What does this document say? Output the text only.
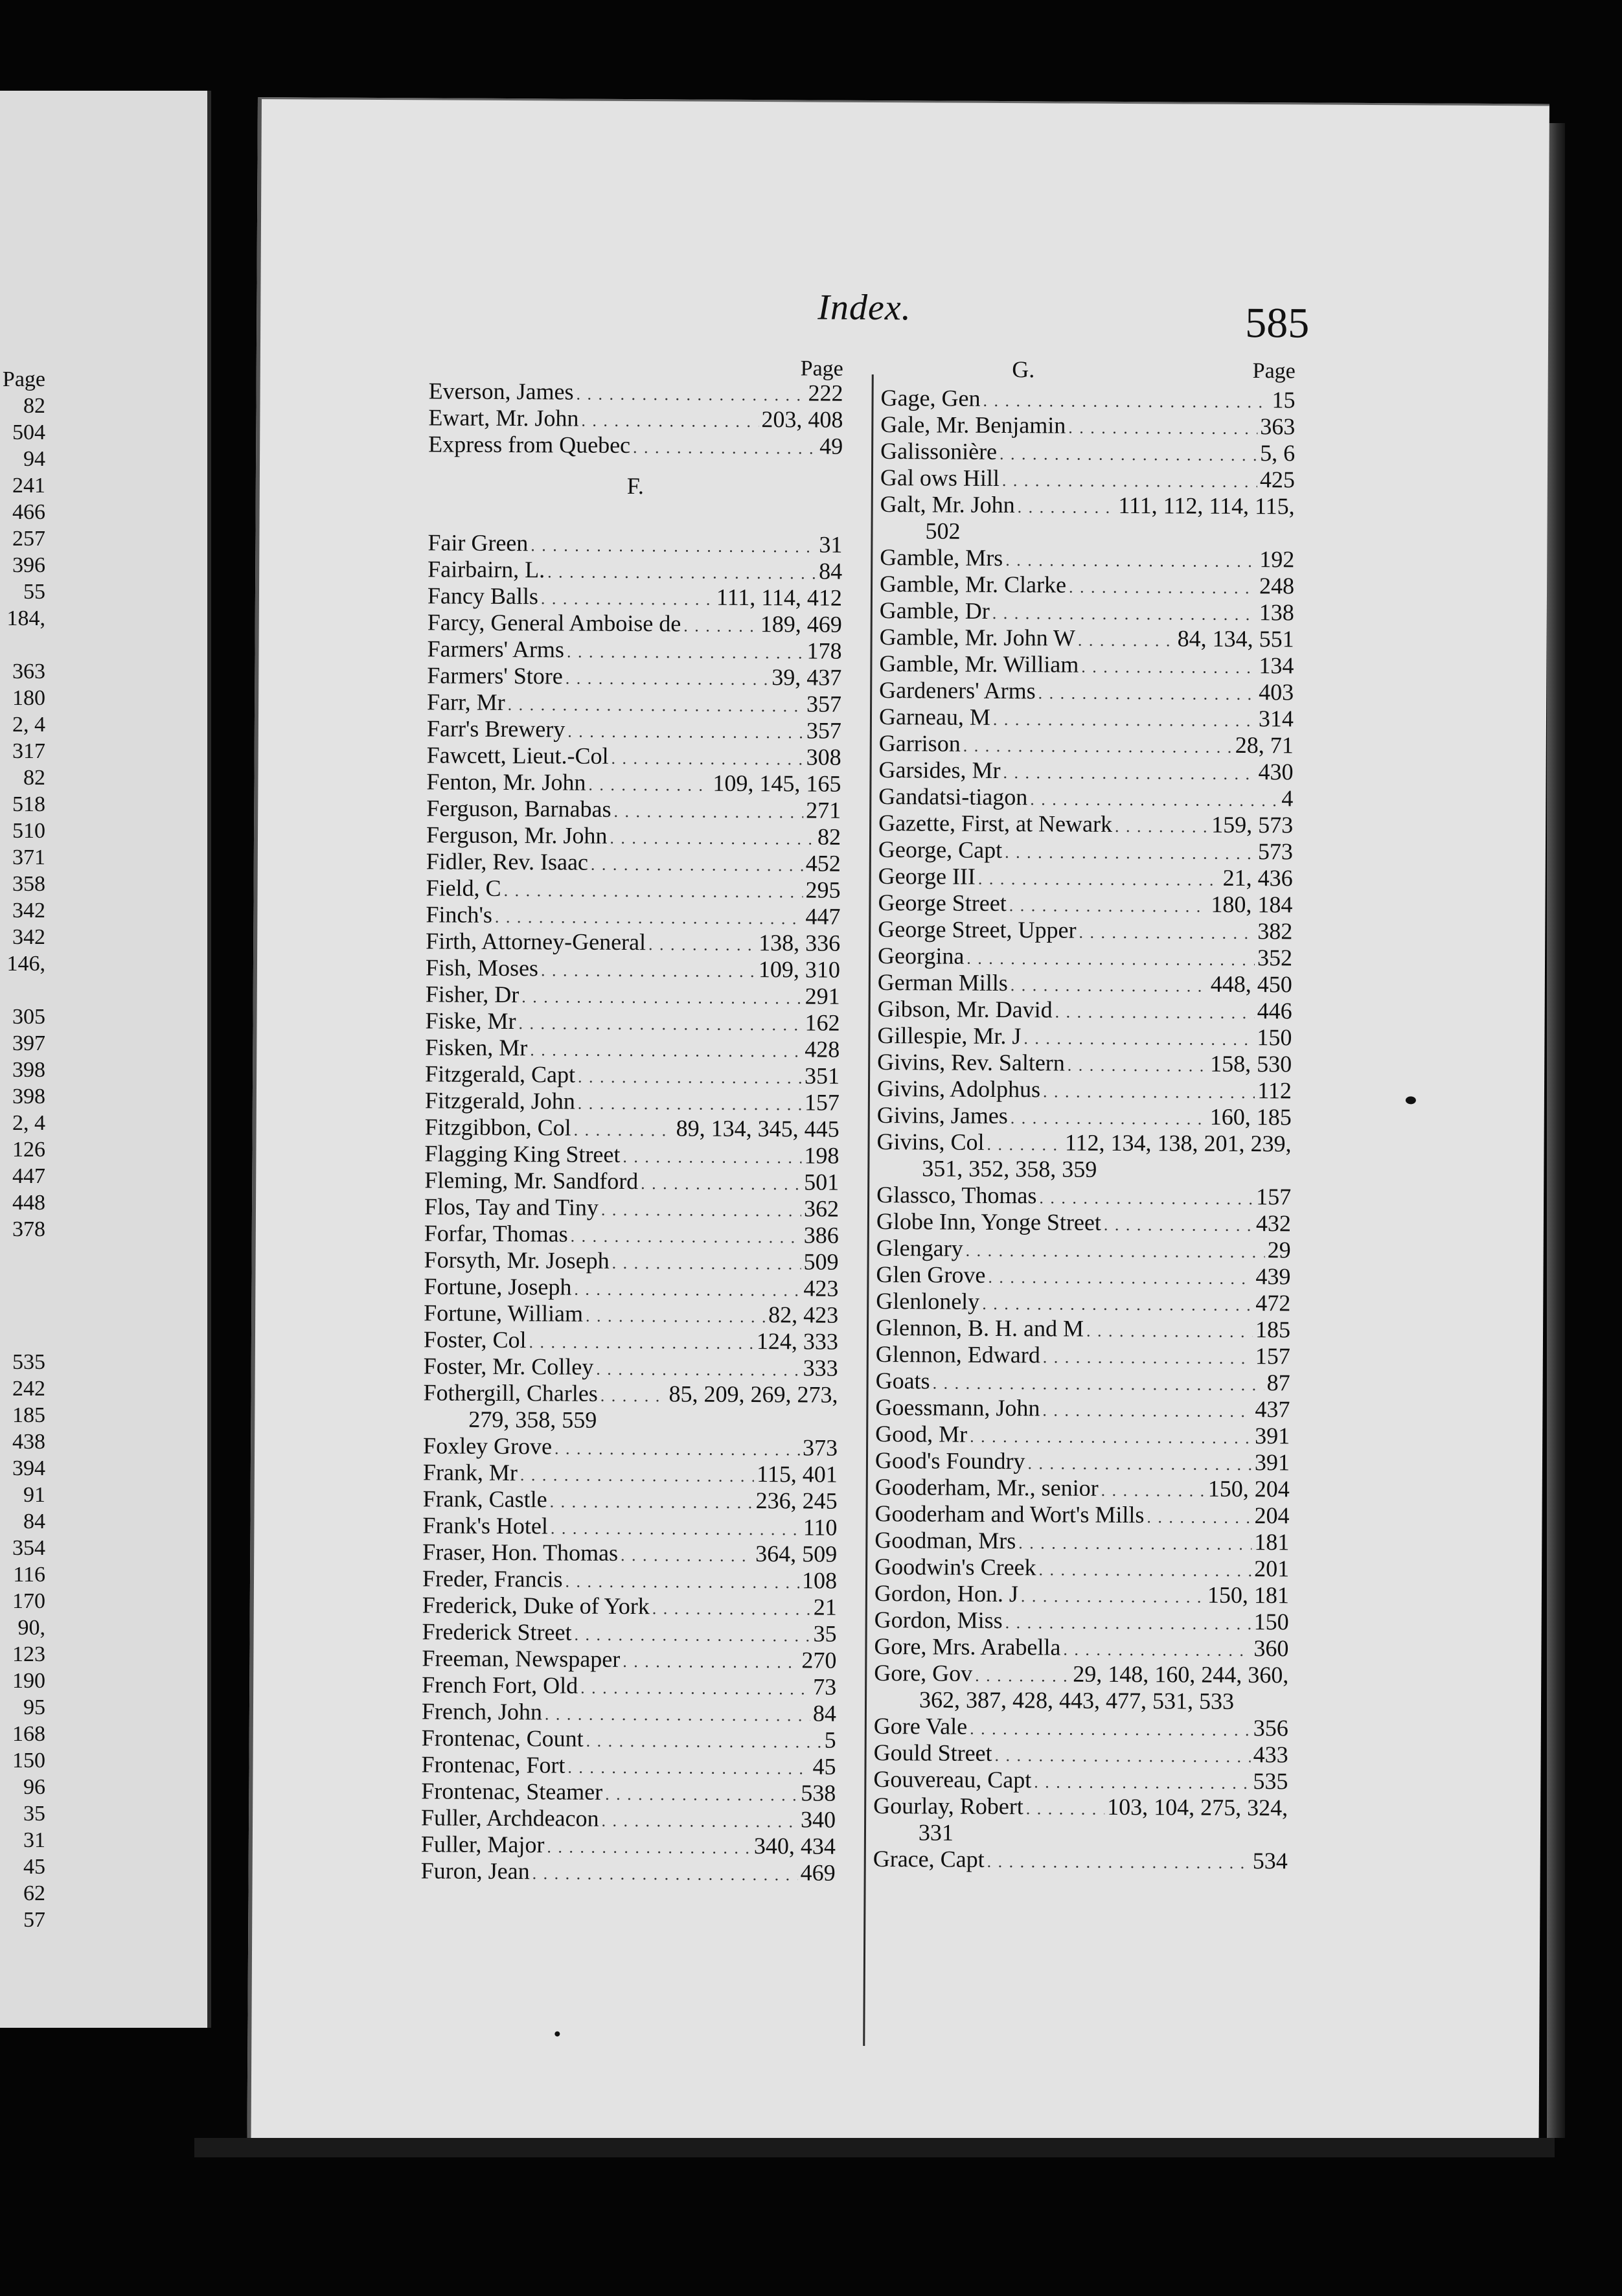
Page
82
504
94
241
466
257
396
55
184,
363
180
2, 4
317
82
518
510
371
358
342
342
146,
305
397
398
398
2, 4
126
447
448
378
535
242
185
438
394
91
84
354
116
170
90,
123
190
95
168
150
96
35
31
45
62
57
Index.	585
Page
Everson, James . . .	222
Ewart, Mr. John . . .	203, 408
Express from Quebec . . .	49
F.
Fair Green . . .	31
Fairbairn, L. . . .	84
Fancy Balls . . .	111, 114, 412
Farcy, General Amboise de . . .	189, 469
Farmers' Arms . . .	178
Farmers' Store . . .	39, 437
Farr, Mr . . .	357
Farr's Brewery . . .	357
Fawcett, Lieut.-Col . . .	308
Fenton, Mr. John . . .	109, 145, 165
Ferguson, Barnabas . . .	271
Ferguson, Mr. John . . .	82
Fidler, Rev. Isaac . . .	452
Field, C . . .	295
Finch's . . .	447
Firth, Attorney-General . . .	138, 336
Fish, Moses . . .	109, 310
Fisher, Dr . . .	291
Fiske, Mr . . .	162
Fisken, Mr . . .	428
Fitzgerald, Capt . . .	351
Fitzgerald, John . . .	157
Fitzgibbon, Col . . .	89, 134, 345, 445
Flagging King Street . . .	198
Fleming, Mr. Sandford . . .	501
Flos, Tay and Tiny . . .	362
Forfar, Thomas . . .	386
Forsyth, Mr. Joseph . . .	509
Fortune, Joseph . . .	423
Fortune, William . . .	82, 423
Foster, Col . . .	124, 333
Foster, Mr. Colley . . .	333
Fothergill, Charles . . .	85, 209, 269, 273,
279, 358, 559
Foxley Grove . . .	373
Frank, Mr . . .	115, 401
Frank, Castle . . .	236, 245
Frank's Hotel . . .	110
Fraser, Hon. Thomas . . .	364, 509
Freder, Francis . . .	108
Frederick, Duke of York . . .	21
Frederick Street . . .	35
Freeman, Newspaper . . .	270
French Fort, Old . . .	73
French, John . . .	84
Frontenac, Count . . .	5
Frontenac, Fort . . .	45
Frontenac, Steamer . . .	538
Fuller, Archdeacon . . .	340
Fuller, Major . . .	340, 434
Furon, Jean . . .	469
Page
G.
Gage, Gen . . .	15
Gale, Mr. Benjamin . . .	363
Galissonière . . .	5, 6
Gal ows Hill . . .	425
Galt, Mr. John . . .	111, 112, 114, 115,
502
Gamble, Mrs . . .	192
Gamble, Mr. Clarke . . .	248
Gamble, Dr . . .	138
Gamble, Mr. John W . . .	84, 134, 551
Gamble, Mr. William . . .	134
Gardeners' Arms . . .	403
Garneau, M . . .	314
Garrison . . .	28, 71
Garsides, Mr . . .	430
Gandatsi-tiagon . . .	4
Gazette, First, at Newark . . .	159, 573
George, Capt . . .	573
George III . . .	21, 436
George Street . . .	180, 184
George Street, Upper . . .	382
Georgina . . .	352
German Mills . . .	448, 450
Gibson, Mr. David . . .	446
Gillespie, Mr. J . . .	150
Givins, Rev. Saltern . . .	158, 530
Givins, Adolphus . . .	112
Givins, James . . .	160, 185
Givins, Col . . .	112, 134, 138, 201, 239,
351, 352, 358, 359
Glassco, Thomas . . .	157
Globe Inn, Yonge Street . . .	432
Glengary . . .	29
Glen Grove . . .	439
Glenlonely . . .	472
Glennon, B. H. and M . . .	185
Glennon, Edward . . .	157
Goats . . .	87
Goessmann, John . . .	437
Good, Mr . . .	391
Good's Foundry . . .	391
Gooderham, Mr., senior . . .	150, 204
Gooderham and Wort's Mills . . .	204
Goodman, Mrs . . .	181
Goodwin's Creek . . .	201
Gordon, Hon. J . . .	150, 181
Gordon, Miss . . .	150
Gore, Mrs. Arabella . . .	360
Gore, Gov . . .	29, 148, 160, 244, 360,
362, 387, 428, 443, 477, 531, 533
Gore Vale . . .	356
Gould Street . . .	433
Gouvereau, Capt . . .	535
Gourlay, Robert . . .	103, 104, 275, 324,
331
Grace, Capt . . .	534
